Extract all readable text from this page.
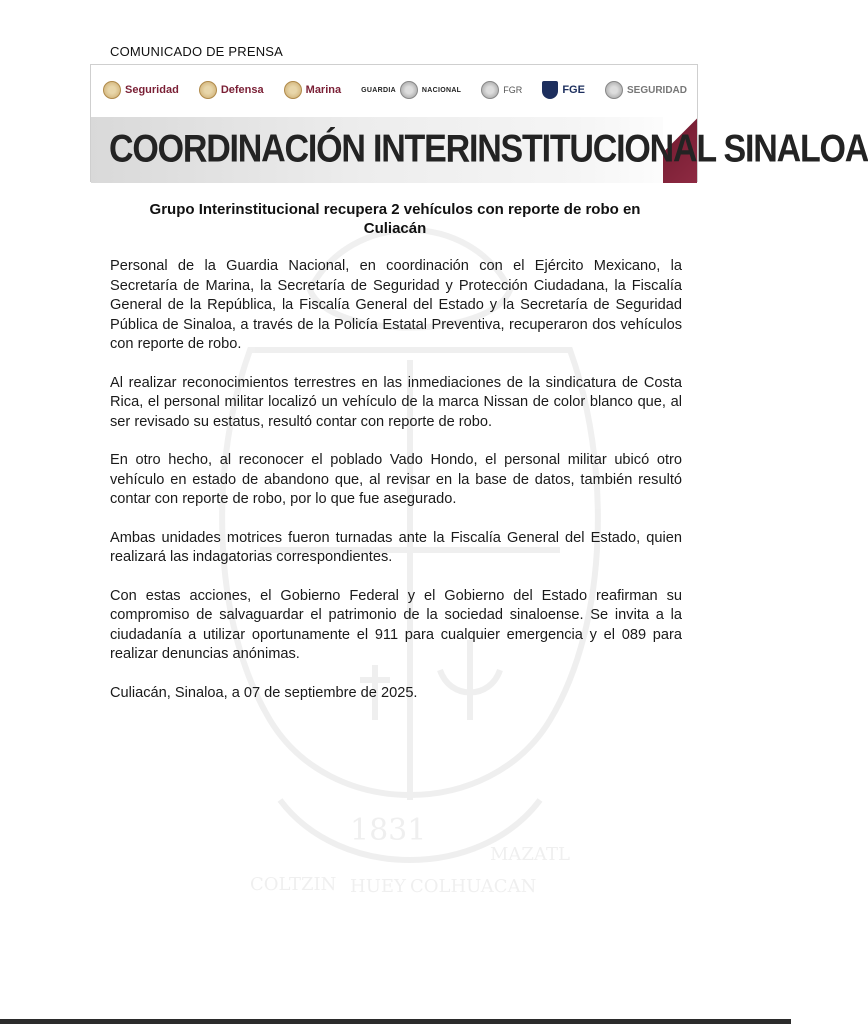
COMUNICADO DE PRENSA
Seguridad	Defensa	Marina	GUARDIA	NACIONAL	FGR	FGE	SEGURIDAD
COORDINACIÓN INTERINSTITUCIONAL SINALOA
1831
COLTZIN HUEY COLHUACAN
MAZATL
Grupo Interinstitucional recupera 2 vehículos con reporte de robo en Culiacán

Personal de la Guardia Nacional, en coordinación con el Ejército Mexicano, la Secretaría de Marina, la Secretaría de Seguridad y Protección Ciudadana, la Fiscalía General de la República, la Fiscalía General del Estado y la Secretaría de Seguridad Pública de Sinaloa, a través de la Policía Estatal Preventiva, recuperaron dos vehículos con reporte de robo.

Al realizar reconocimientos terrestres en las inmediaciones de la sindicatura de Costa Rica, el personal militar localizó un vehículo de la marca Nissan de color blanco que, al ser revisado su estatus, resultó contar con reporte de robo.

En otro hecho, al reconocer el poblado Vado Hondo, el personal militar ubicó otro vehículo en estado de abandono que, al revisar en la base de datos, también resultó contar con reporte de robo, por lo que fue asegurado.

Ambas unidades motrices fueron turnadas ante la Fiscalía General del Estado, quien realizará las indagatorias correspondientes.

Con estas acciones, el Gobierno Federal y el Gobierno del Estado reafirman su compromiso de salvaguardar el patrimonio de la sociedad sinaloense. Se invita a la ciudadanía a utilizar oportunamente el 911 para cualquier emergencia y el 089 para realizar denuncias anónimas.

Culiacán, Sinaloa, a 07 de septiembre de 2025.
